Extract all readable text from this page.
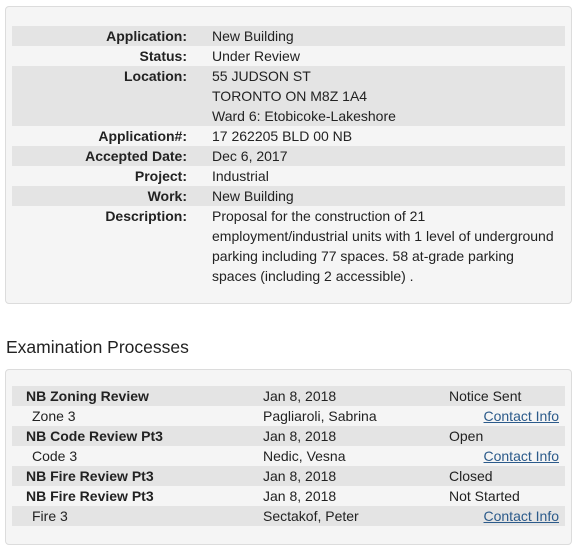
Application: New Building
Status: Under Review
Location: 55 JUDSON ST
TORONTO ON M8Z 1A4
Ward 6: Etobicoke-Lakeshore
Application#: 17 262205 BLD 00 NB
Accepted Date: Dec 6, 2017
Project: Industrial
Work: New Building
Description: Proposal for the construction of 21
employment/industrial units with 1 level of underground
parking including 77 spaces. 58 at-grade parking
spaces (including 2 accessible) .
Examination Processes
NB Zoning Review	Jan 8, 2018	Notice Sent
Zone 3	Pagliaroli, Sabrina	Contact Info
NB Code Review Pt3	Jan 8, 2018	Open
Code 3	Nedic, Vesna	Contact Info
NB Fire Review Pt3	Jan 8, 2018	Closed
NB Fire Review Pt3	Jan 8, 2018	Not Started
Fire 3	Sectakof, Peter	Contact Info
